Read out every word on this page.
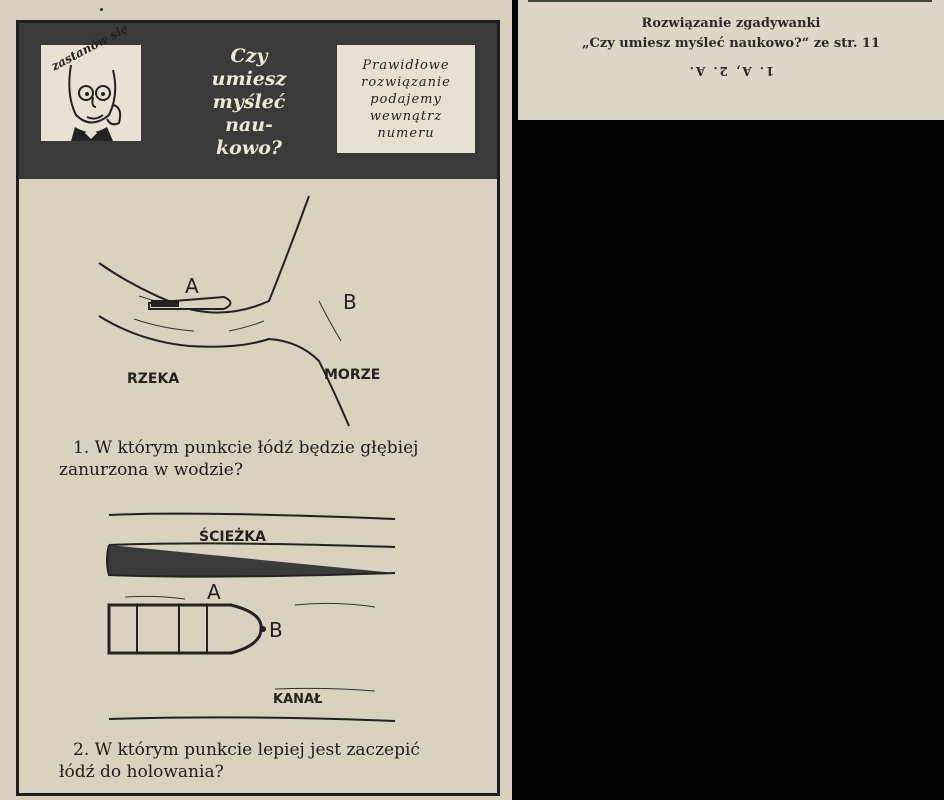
zastanów się	Czy
umiesz
myśleć
nau-
kowo?
Prawidłowe
rozwiązanie
podajemy
wewnątrz
numeru
A
B
RZEKA	MORZE
1. W którym punkcie łódź będzie głębiej
zanurzona w wodzie?
ŚCIEŻKA
A
B
KANAŁ
2. W którym punkcie lepiej jest zaczepić
łódź do holowania?
Rozwiązanie zgadywanki
„Czy umiesz myśleć naukowo?“ ze str. 11
1. A, 2. A.
